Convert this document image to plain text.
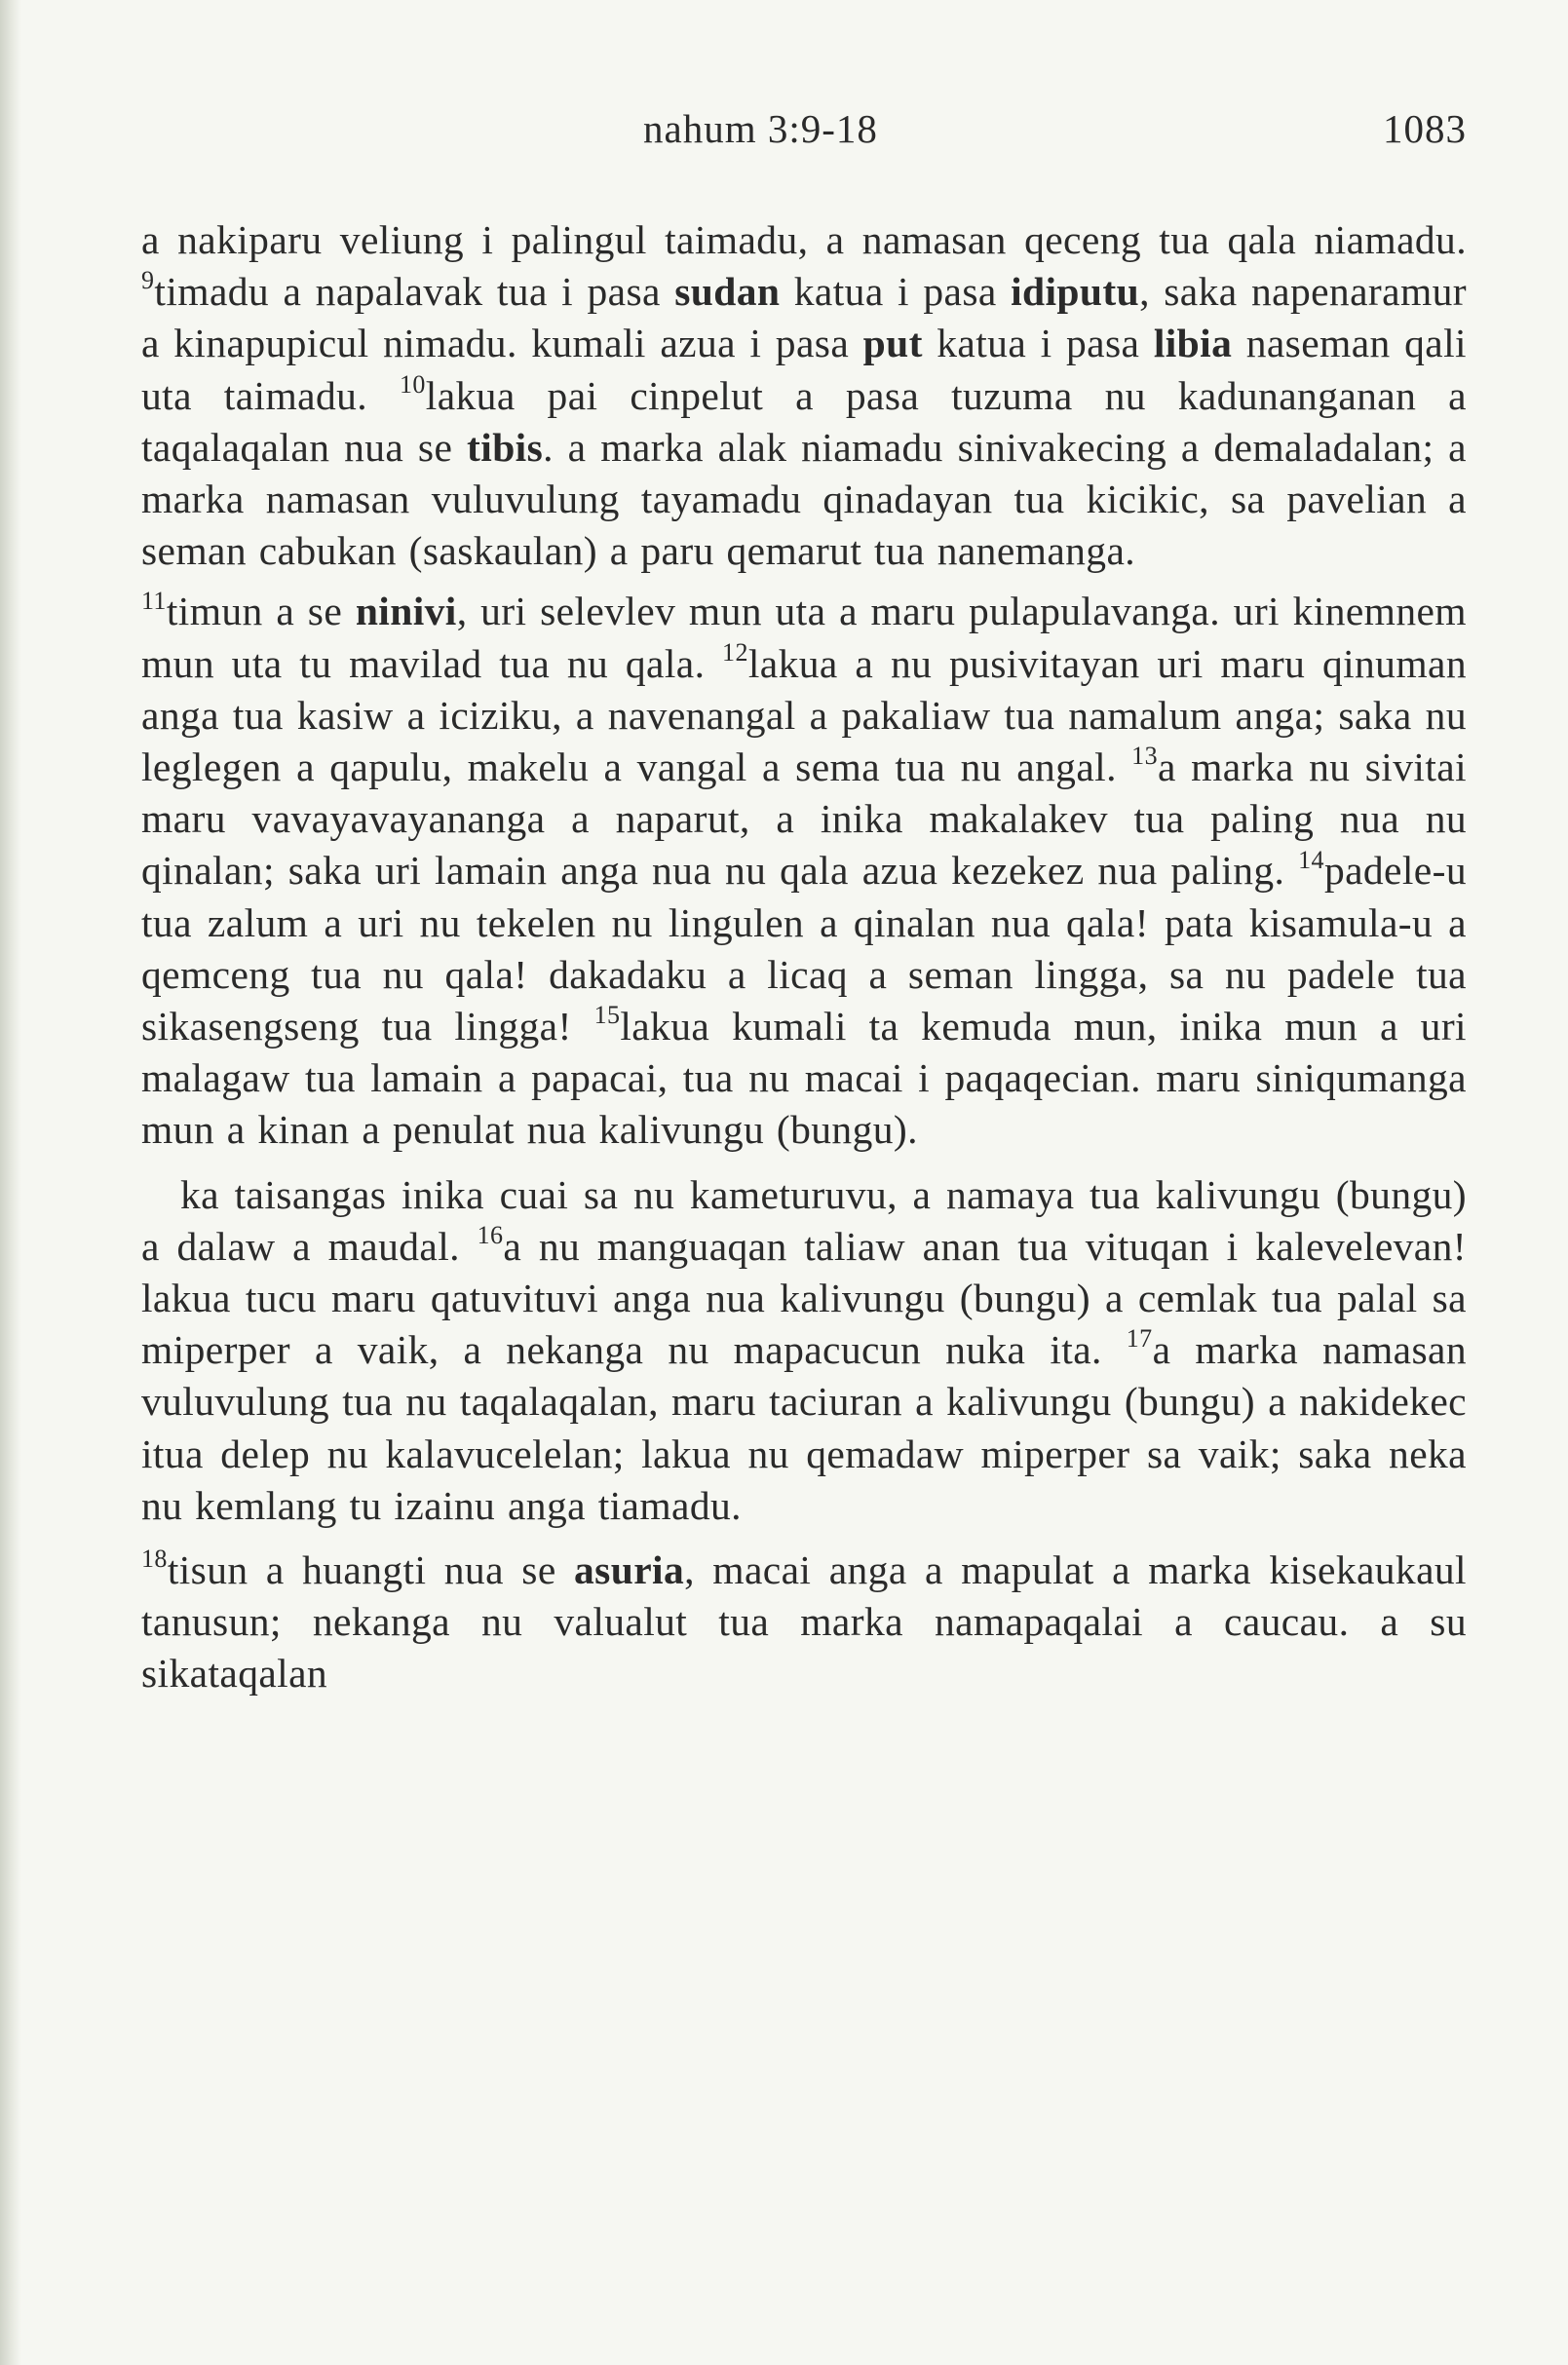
nahum 3:9-18	1083

a nakiparu veliung i palingul taimadu, a namasan qeceng tua qala niamadu. $^9$timadu a napalavak tua i pasa sudan katua i pasa idiputu, saka napenaramur a kinapupicul nimadu. kumali azua i pasa put katua i pasa libia naseman qali uta taimadu. $^{10}$lakua pai cinpelut a pasa tuzuma nu kadunanganan a taqalaqalan nua se tibis. a marka alak niamadu sinivakecing a demaladalan; a marka namasan vuluvulung tayamadu qinadayan tua kicikic, sa pavelian a seman cabukan (saskaulan) a paru qemarut tua nanemanga.

$^{11}$timun a se ninivi, uri selevlev mun uta a maru pulapulavanga. uri kinemnem mun uta tu mavilad tua nu qala. $^{12}$lakua a nu pusivitayan uri maru qinuman anga tua kasiw a iciziku, a navenangal a pakaliaw tua namalum anga; saka nu leglegen a qapulu, makelu a vangal a sema tua nu angal. $^{13}$a marka nu sivitai maru vavayavayananga a naparut, a inika makalakev tua paling nua nu qinalan; saka uri lamain anga nua nu qala azua kezekez nua paling. $^{14}$padele-u tua zalum a uri nu tekelen nu lingulen a qinalan nua qala! pata kisamula-u a qemceng tua nu qala! dakadaku a licaq a seman lingga, sa nu padele tua sikasengseng tua lingga! $^{15}$lakua kumali ta kemuda mun, inika mun a uri malagaw tua lamain a papacai, tua nu macai i paqaqecian. maru siniqumanga mun a kinan a penulat nua kalivungu (bungu).

ka taisangas inika cuai sa nu kameturuvu, a namaya tua kalivungu (bungu) a dalaw a maudal. $^{16}$a nu manguaqan taliaw anan tua vituqan i kalevelevan! lakua tucu maru qatuvituvi anga nua kalivungu (bungu) a cemlak tua palal sa miperper a vaik, a nekanga nu mapacucun nuka ita. $^{17}$a marka namasan vuluvulung tua nu taqalaqalan, maru taciuran a kalivungu (bungu) a nakidekec itua delep nu kalavucelelan; lakua nu qemadaw miperper sa vaik; saka neka nu kemlang tu izainu anga tiamadu.

$^{18}$tisun a huangti nua se asuria, macai anga a mapulat a marka kisekaukaul tanusun; nekanga nu valualut tua marka namapaqalai a caucau. a su sikataqalan
